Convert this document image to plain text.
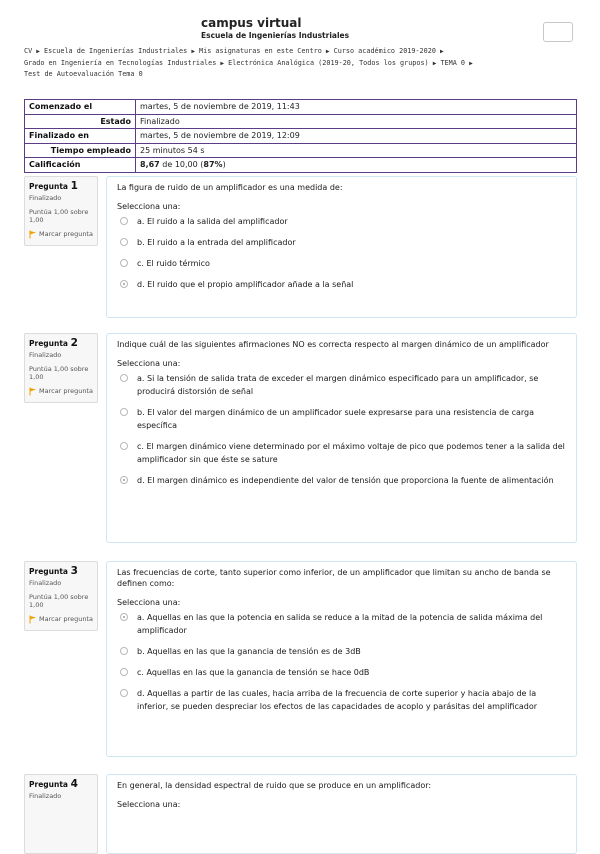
campus virtual
Escuela de Ingenierías Industriales
CV ▶ Escuela de Ingenierías Industriales ▶ Mis asignaturas en este Centro ▶ Curso académico 2019-2020 ▶ Grado en Ingeniería en Tecnologías Industriales ▶ Electrónica Analógica (2019-20, Todos los grupos) ▶ TEMA 0 ▶ Test de Autoevaluación Tema 0
Comenzado el	martes, 5 de noviembre de 2019, 11:43
Estado	Finalizado
Finalizado en	martes, 5 de noviembre de 2019, 12:09
Tiempo empleado	25 minutos 54 s
Calificación	8,67 de 10,00 (87%)
Pregunta 1
Finalizado
Puntúa 1,00 sobre 1,00
Marcar pregunta
La figura de ruido de un amplificador es una medida de:
Selecciona una:
a. El ruido a la salida del amplificador
b. El ruido a la entrada del amplificador
c. El ruido térmico
d. El ruido que el propio amplificador añade a la señal
Pregunta 2
Finalizado
Puntúa 1,00 sobre 1,00
Marcar pregunta
Indique cuál de las siguientes afirmaciones NO es correcta respecto al margen dinámico de un amplificador
Selecciona una:
a. Si la tensión de salida trata de exceder el margen dinámico especificado para un amplificador, se producirá distorsión de señal
b. El valor del margen dinámico de un amplificador suele expresarse para una resistencia de carga específica
c. El margen dinámico viene determinado por el máximo voltaje de pico que podemos tener a la salida del amplificador sin que éste se sature
d. El margen dinámico es independiente del valor de tensión que proporciona la fuente de alimentación
Pregunta 3
Finalizado
Puntúa 1,00 sobre 1,00
Marcar pregunta
Las frecuencias de corte, tanto superior como inferior, de un amplificador que limitan su ancho de banda se definen como:
Selecciona una:
a. Aquellas en las que la potencia en salida se reduce a la mitad de la potencia de salida máxima del amplificador
b. Aquellas en las que la ganancia de tensión es de 3dB
c. Aquellas en las que la ganancia de tensión se hace 0dB
d. Aquellas a partir de las cuales, hacia arriba de la frecuencia de corte superior y hacia abajo de la inferior, se pueden despreciar los efectos de las capacidades de acoplo y parásitas del amplificador
Pregunta 4
Finalizado
En general, la densidad espectral de ruido que se produce en un amplificador:
Selecciona una:
